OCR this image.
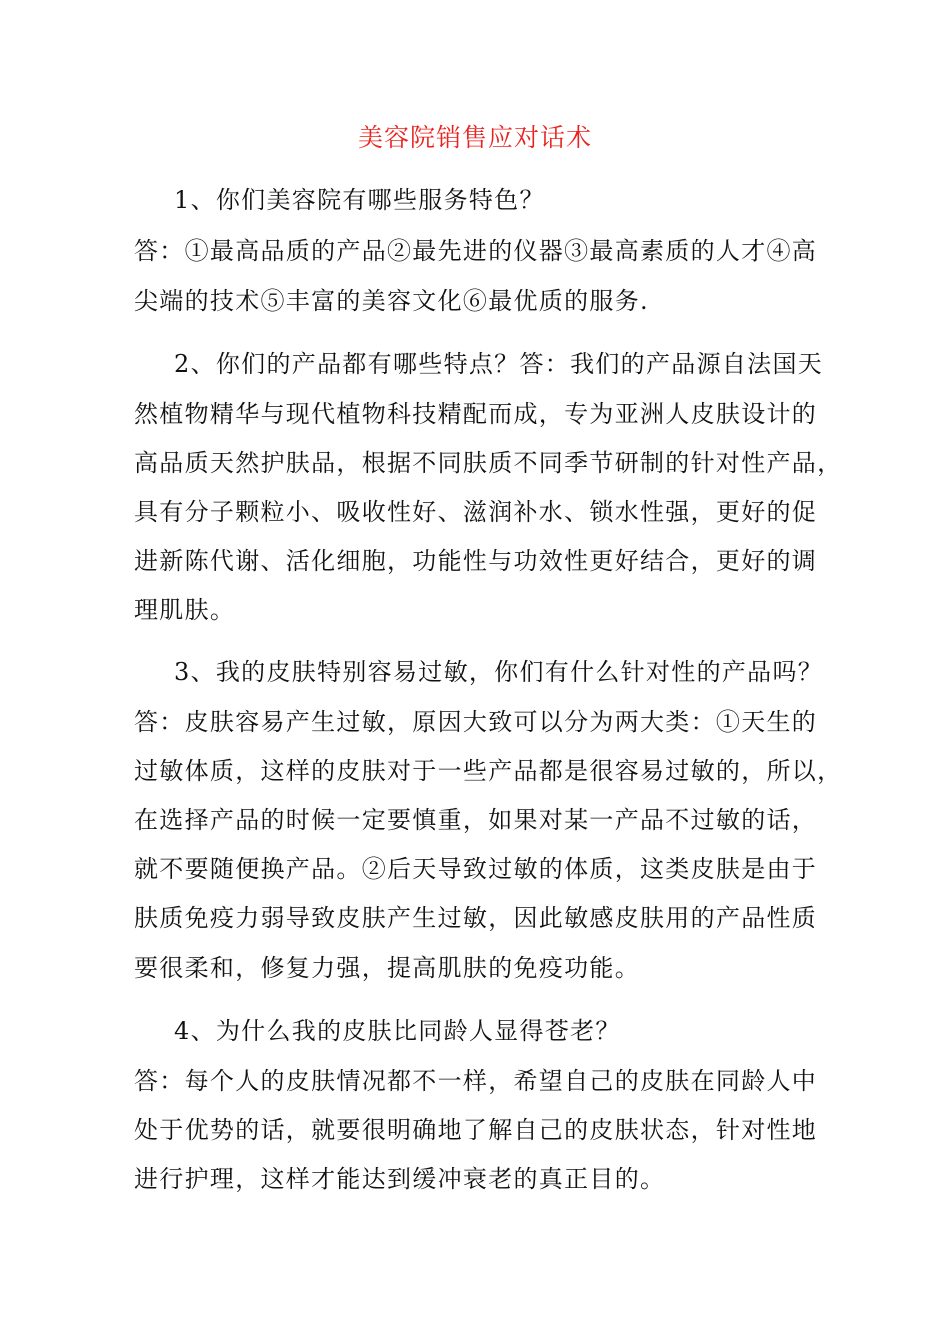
美容院销售应对话术
1、你们美容院有哪些服务特色？
答：①最高品质的产品②最先进的仪器③最高素质的人才④高
尖端的技术⑤丰富的美容文化⑥最优质的服务.
2、你们的产品都有哪些特点？答：我们的产品源自法国天
然植物精华与现代植物科技精配而成，专为亚洲人皮肤设计的
高品质天然护肤品，根据不同肤质不同季节研制的针对性产品，
具有分子颗粒小、吸收性好、滋润补水、锁水性强，更好的促
进新陈代谢、活化细胞，功能性与功效性更好结合，更好的调
理肌肤。
3、我的皮肤特别容易过敏，你们有什么针对性的产品吗？
答：皮肤容易产生过敏，原因大致可以分为两大类：①天生的
过敏体质，这样的皮肤对于一些产品都是很容易过敏的，所以，
在选择产品的时候一定要慎重，如果对某一产品不过敏的话，
就不要随便换产品。②后天导致过敏的体质，这类皮肤是由于
肤质免疫力弱导致皮肤产生过敏，因此敏感皮肤用的产品性质
要很柔和，修复力强，提高肌肤的免疫功能。
4、为什么我的皮肤比同龄人显得苍老？
答：每个人的皮肤情况都不一样，希望自己的皮肤在同龄人中
处于优势的话，就要很明确地了解自己的皮肤状态，针对性地
进行护理，这样才能达到缓冲衰老的真正目的。
